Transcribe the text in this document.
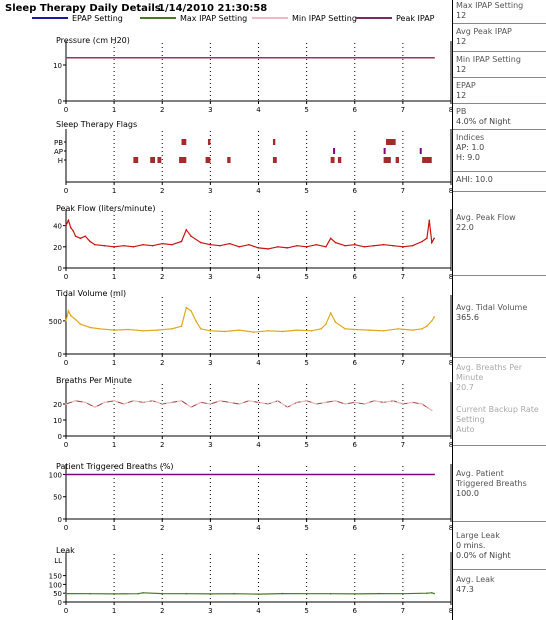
Sleep Therapy Daily Details
1/14/2010 21:30:58
EPAP Setting	Max IPAP Setting	Min IPAP Setting	Peak IPAP
Pressure (cm H20)
0	1	2	3	4	5	6	7	8
0
10
Sleep Therapy Flags
0	1	2	3	4	5	6	7	8
PB
AP
H
Peak Flow (liters/minute)
0	1	2	3	4	5	6	7	8
0
20
40
Tidal Volume (ml)
0	1	2	3	4	5	6	7	8
0
500
Breaths Per Minute
0	1	2	3	4	5	6	7	8
0
10
20
Patient Triggered Breaths (%)
0	1	2	3	4	5	6	7	8
0
50
100
Leak
0	1	2	3	4	5	6	7	8
0
50
100
150
LL
Max IPAP Setting
12
Avg Peak IPAP
12
Min IPAP Setting
12
EPAP
12
PB
4.0% of Night
Indices
AP: 1.0
H: 9.0
AHI: 10.0
Avg. Peak Flow
22.0
Avg. Tidal Volume
365.6
Avg. Breaths Per Minute
20.7
Current Backup Rate Setting
Auto
Avg. Patient Triggered Breaths
100.0
Large Leak
0 mins.
0.0% of Night
Avg. Leak
47.3
